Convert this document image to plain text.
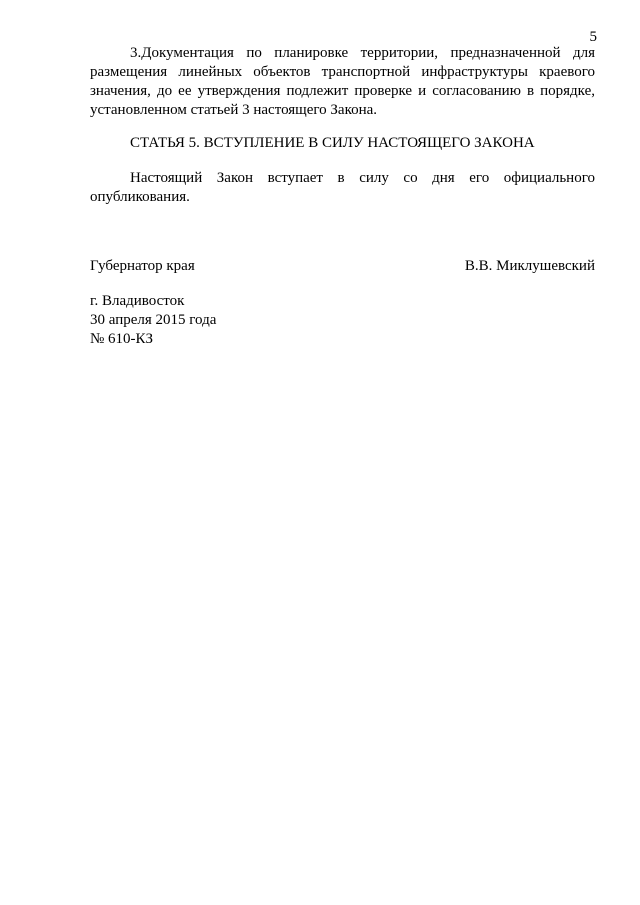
5

3.Документация по планировке территории, предназначенной для размещения линейных объектов транспортной инфраструктуры краевого значения, до ее утверждения подлежит проверке и согласованию в порядке, установленном статьей 3 настоящего Закона.

СТАТЬЯ 5. ВСТУПЛЕНИЕ В СИЛУ НАСТОЯЩЕГО ЗАКОНА

Настоящий Закон вступает в силу со дня его официального опубликования.

Губернатор края	В.В. Миклушевский
г. Владивосток
30 апреля 2015 года
№ 610-КЗ
